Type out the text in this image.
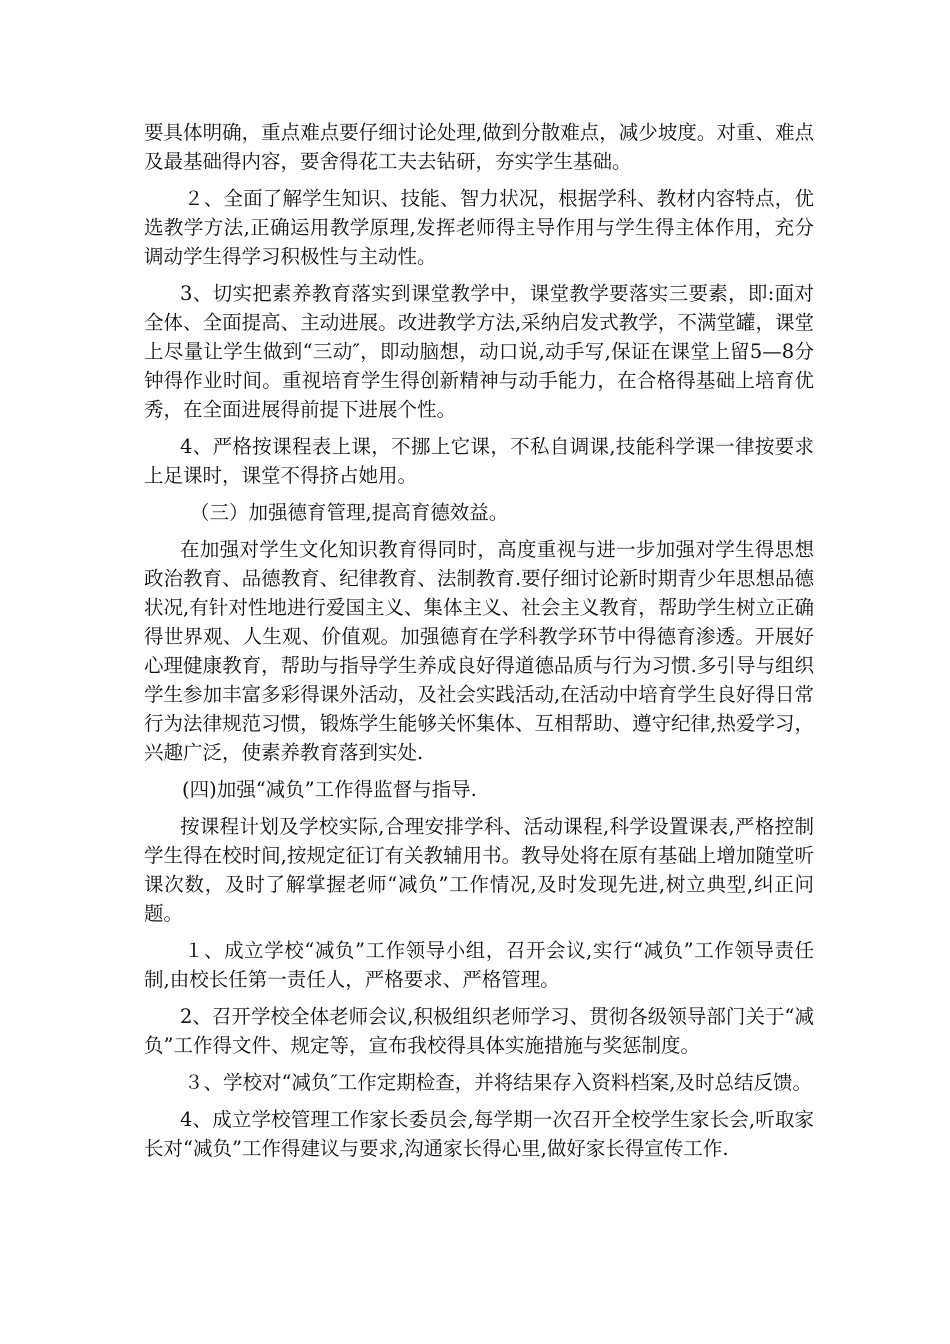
要具体明确，重点难点要仔细讨论处理,做到分散难点，减少坡度。对重、难点及最基础得内容，要舍得花工夫去钻研，夯实学生基础。

２、全面了解学生知识、技能、智力状况，根据学科、教材内容特点，优选教学方法,正确运用教学原理,发挥老师得主导作用与学生得主体作用，充分调动学生得学习积极性与主动性。

3、切实把素养教育落实到课堂教学中，课堂教学要落实三要素，即:面对全体、全面提高、主动进展。改进教学方法,采纳启发式教学，不满堂罐，课堂上尽量让学生做到“三动″，即动脑想，动口说,动手写,保证在课堂上留5—8分钟得作业时间。重视培育学生得创新精神与动手能力，在合格得基础上培育优秀，在全面进展得前提下进展个性。

4、严格按课程表上课，不挪上它课，不私自调课,技能科学课一律按要求上足课时，课堂不得挤占她用。

（三）加强德育管理,提高育德效益。

在加强对学生文化知识教育得同时，高度重视与进一步加强对学生得思想政治教育、品德教育、纪律教育、法制教育.要仔细讨论新时期青少年思想品德状况,有针对性地进行爱国主义、集体主义、社会主义教育，帮助学生树立正确得世界观、人生观、价值观。加强德育在学科教学环节中得德育渗透。开展好心理健康教育，帮助与指导学生养成良好得道德品质与行为习惯.多引导与组织学生参加丰富多彩得课外活动，及社会实践活动,在活动中培育学生良好得日常行为法律规范习惯，锻炼学生能够关怀集体、互相帮助、遵守纪律,热爱学习，兴趣广泛，使素养教育落到实处.

(四)加强“减负”工作得监督与指导.

按课程计划及学校实际,合理安排学科、活动课程,科学设置课表,严格控制学生得在校时间,按规定征订有关教辅用书。教导处将在原有基础上增加随堂听课次数，及时了解掌握老师“减负”工作情况,及时发现先进,树立典型,纠正问题。

１、成立学校“减负”工作领导小组，召开会议,实行“减负”工作领导责任制,由校长任第一责任人，严格要求、严格管理。

2、召开学校全体老师会议,积极组织老师学习、贯彻各级领导部门关于“减负”工作得文件、规定等，宣布我校得具体实施措施与奖惩制度。

３、学校对“减负″工作定期检查，并将结果存入资料档案,及时总结反馈。

4、成立学校管理工作家长委员会,每学期一次召开全校学生家长会,听取家长对“减负”工作得建议与要求,沟通家长得心里,做好家长得宣传工作.
